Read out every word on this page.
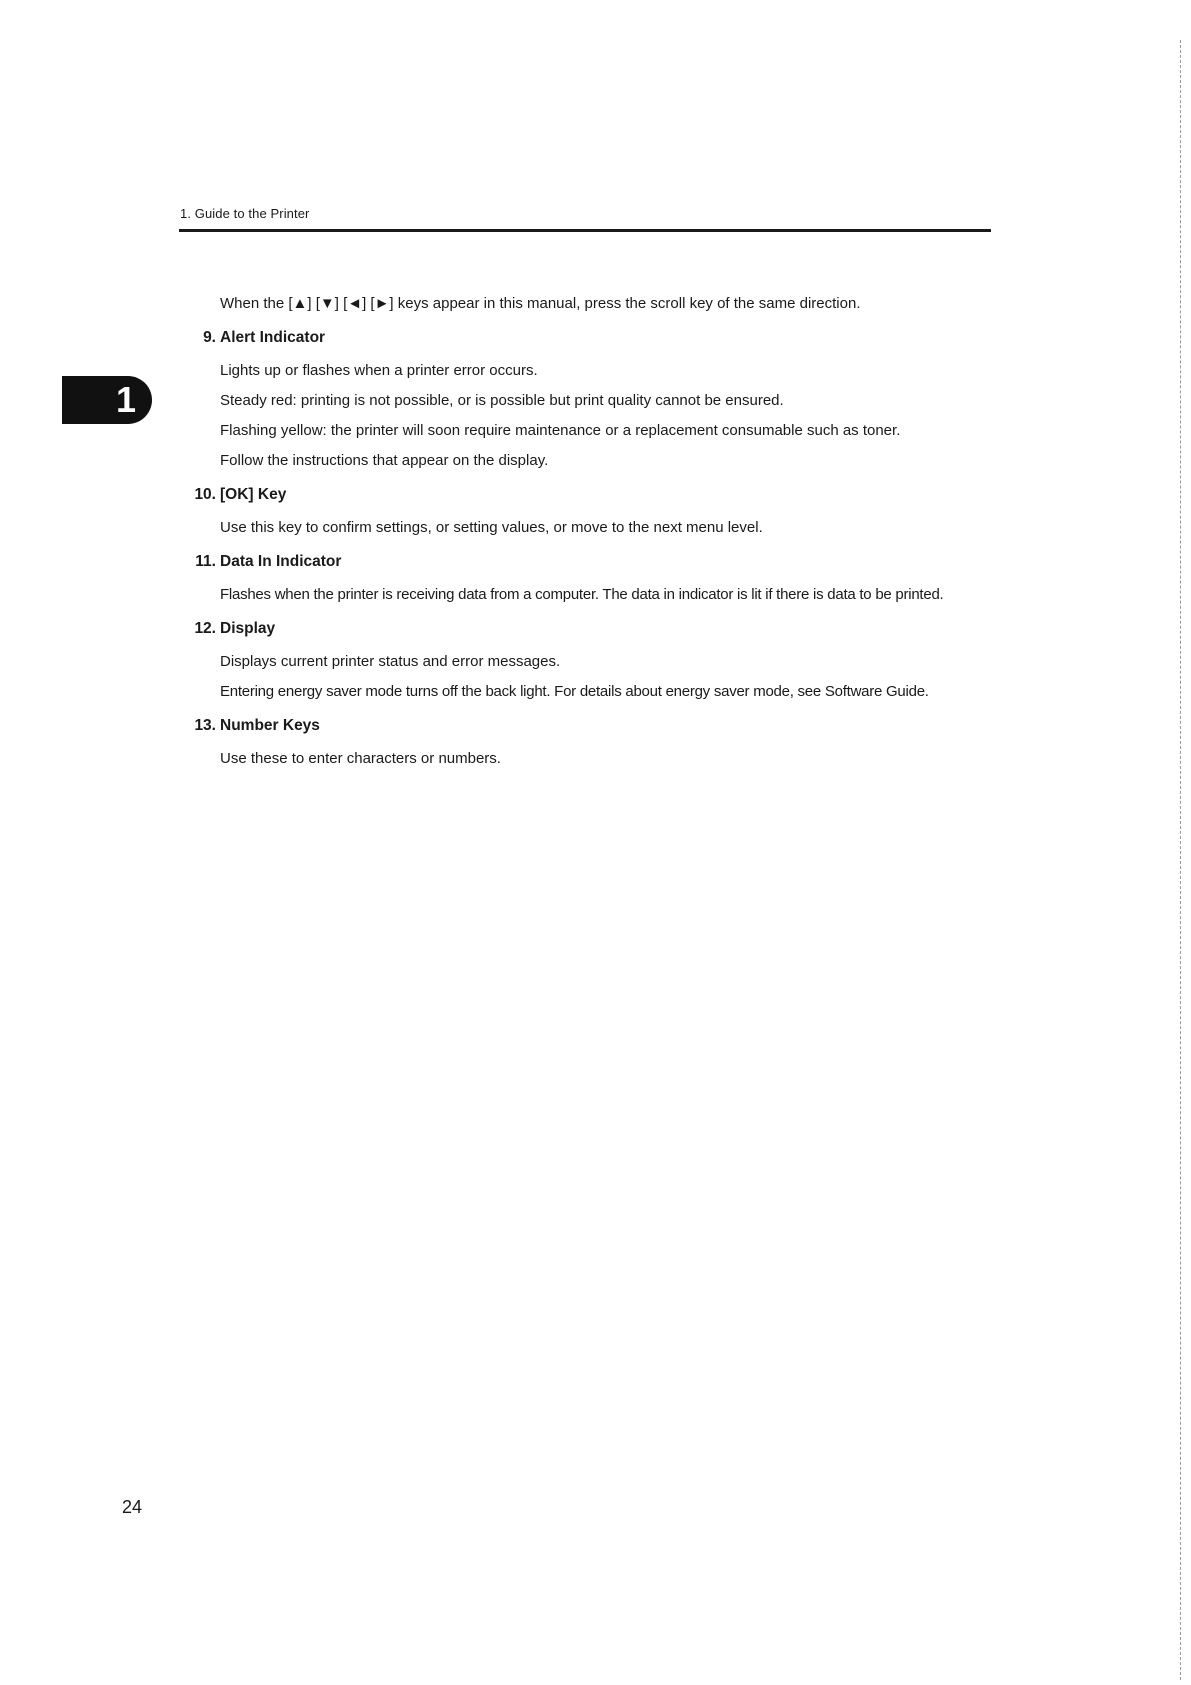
1. Guide to the Printer
1
When the [▲] [▼] [◄] [►] keys appear in this manual, press the scroll key of the same direction.
9. Alert Indicator

Lights up or flashes when a printer error occurs.

Steady red: printing is not possible, or is possible but print quality cannot be ensured.

Flashing yellow: the printer will soon require maintenance or a replacement consumable such as toner.

Follow the instructions that appear on the display.

10. [OK] Key

Use this key to confirm settings, or setting values, or move to the next menu level.

11. Data In Indicator

Flashes when the printer is receiving data from a computer. The data in indicator is lit if there is data to be printed.

12. Display

Displays current printer status and error messages.

Entering energy saver mode turns off the back light. For details about energy saver mode, see Software Guide.

13. Number Keys

Use these to enter characters or numbers.

24
